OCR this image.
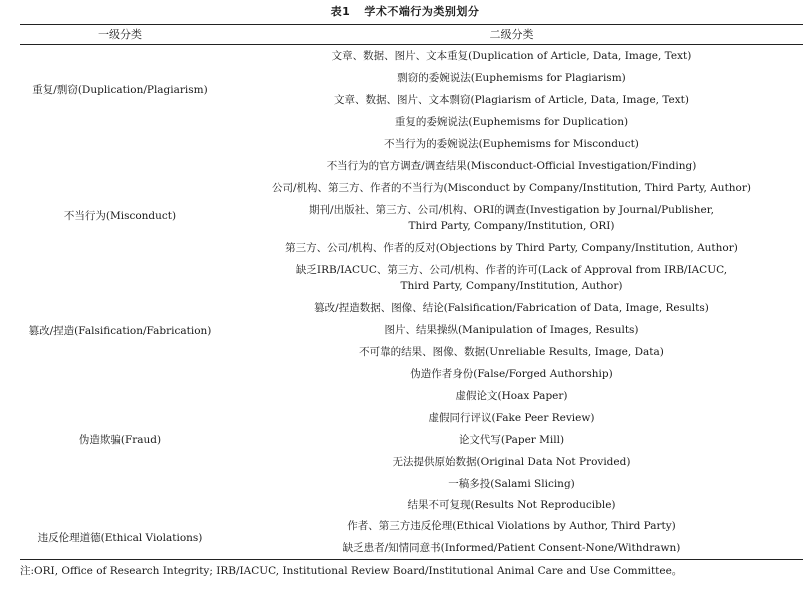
表1 学术不端行为类别划分
一级分类	二级分类
重复/剽窃(Duplication/Plagiarism)
不当行为(Misconduct)
篡改/捏造(Falsification/Fabrication)
伪造欺骗(Fraud)
违反伦理道德(Ethical Violations)
文章、数据、图片、文本重复(Duplication of Article, Data, Image, Text)
剽窃的委婉说法(Euphemisms for Plagiarism)
文章、数据、图片、文本剽窃(Plagiarism of Article, Data, Image, Text)
重复的委婉说法(Euphemisms for Duplication)
不当行为的委婉说法(Euphemisms for Misconduct)
不当行为的官方调查/调查结果(Misconduct-Official Investigation/Finding)
公司/机构、第三方、作者的不当行为(Misconduct by Company/Institution, Third Party, Author)
期刊/出版社、第三方、公司/机构、ORI的调查(Investigation by Journal/Publisher,
Third Party, Company/Institution, ORI)
第三方、公司/机构、作者的反对(Objections by Third Party, Company/Institution, Author)
缺乏IRB/IACUC、第三方、公司/机构、作者的许可(Lack of Approval from IRB/IACUC,
Third Party, Company/Institution, Author)
篡改/捏造数据、图像、结论(Falsification/Fabrication of Data, Image, Results)
图片、结果操纵(Manipulation of Images, Results)
不可靠的结果、图像、数据(Unreliable Results, Image, Data)
伪造作者身份(False/Forged Authorship)
虚假论文(Hoax Paper)
虚假同行评议(Fake Peer Review)
论文代写(Paper Mill)
无法提供原始数据(Original Data Not Provided)
一稿多投(Salami Slicing)
结果不可复现(Results Not Reproducible)
作者、第三方违反伦理(Ethical Violations by Author, Third Party)
缺乏患者/知情同意书(Informed/Patient Consent-None/Withdrawn)
注:ORI, Office of Research Integrity; IRB/IACUC, Institutional Review Board/Institutional Animal Care and Use Committee。
